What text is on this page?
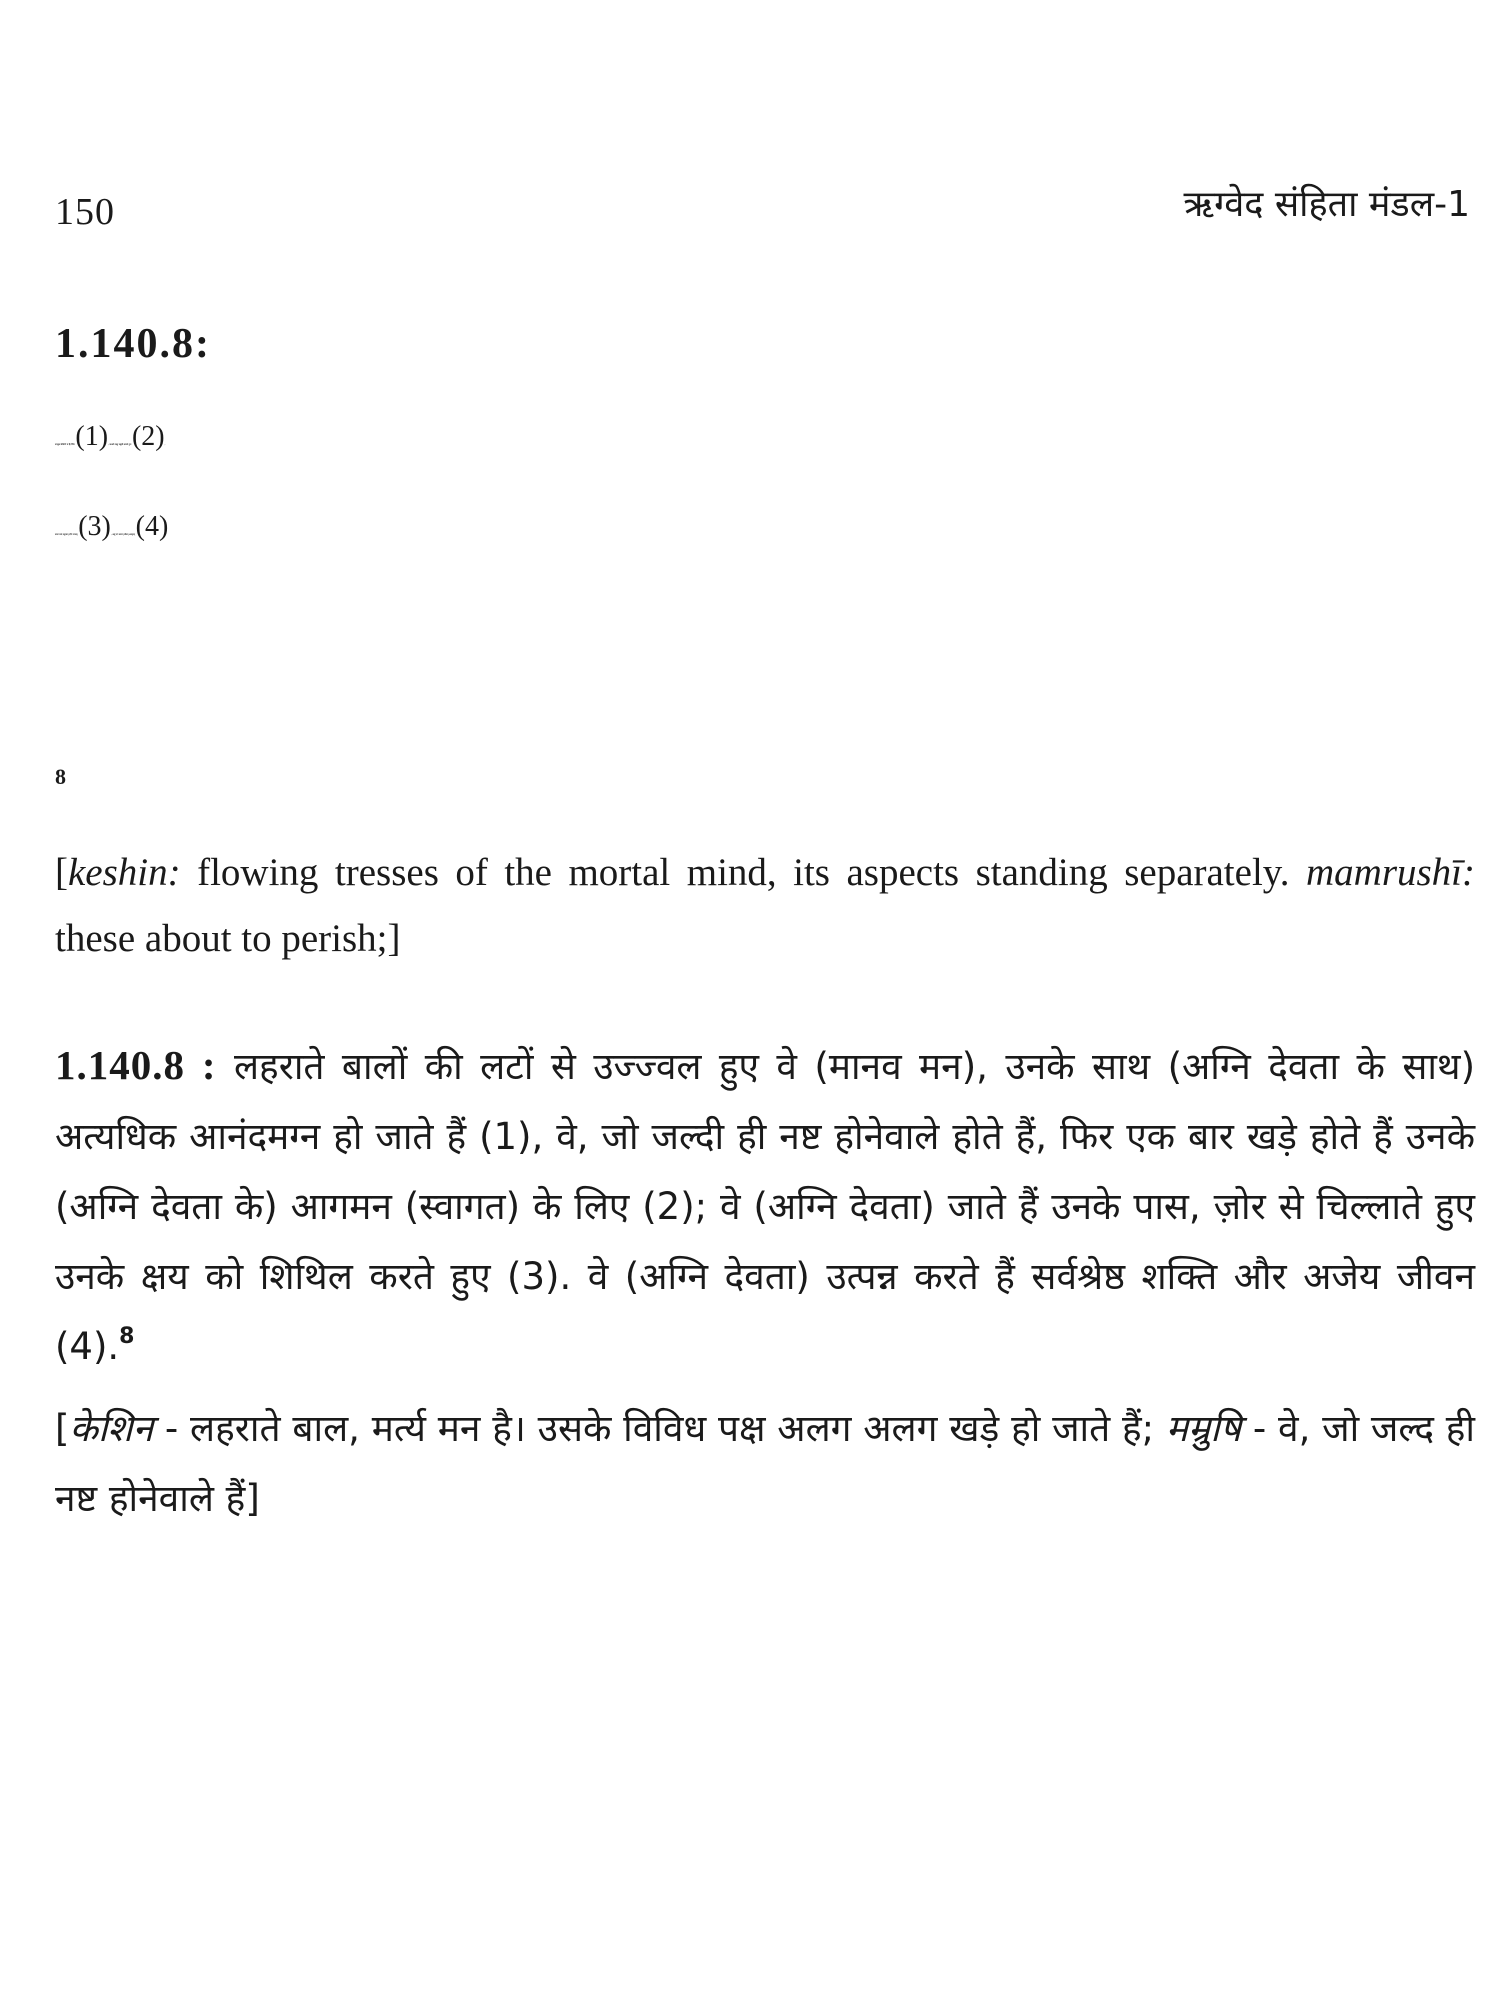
150	ऋग्वेद संहिता मंडल-1
1.140.8:
तमग्रुवः केशिनीः सं हि रेभिर (1), ऊर्ध्वाः तस्थुः मम्रुषीः प्रायवे पुनः (2),
तासां जरां प्रमुञ्चन् एति नानदत् (3), असुं परं जनयन् जीवम् अस्तृतम् (4)
$^8$
[keshin: flowing tresses of the mortal mind, its aspects standing separately. mamrushī: these about to perish;]
1.140.8 : लहराते बालों की लटों से उज्ज्वल हुए वे (मानव मन), उनके साथ (अग्नि देवता के साथ) अत्यधिक आनंदमग्न हो जाते हैं (1), वे, जो जल्दी ही नष्ट होनेवाले होते हैं, फिर एक बार खड़े होते हैं उनके (अग्नि देवता के) आगमन (स्वागत) के लिए (2); वे (अग्नि देवता) जाते हैं उनके पास, ज़ोर से चिल्लाते हुए उनके क्षय को शिथिल करते हुए (3). वे (अग्नि देवता) उत्पन्न करते हैं सर्वश्रेष्ठ शक्ति और अजेय जीवन (4).$^8$
[केशिन - लहराते बाल, मर्त्य मन है। उसके विविध पक्ष अलग अलग खड़े हो जाते हैं; मम्रुषि - वे, जो जल्द ही नष्ट होनेवाले हैं]
